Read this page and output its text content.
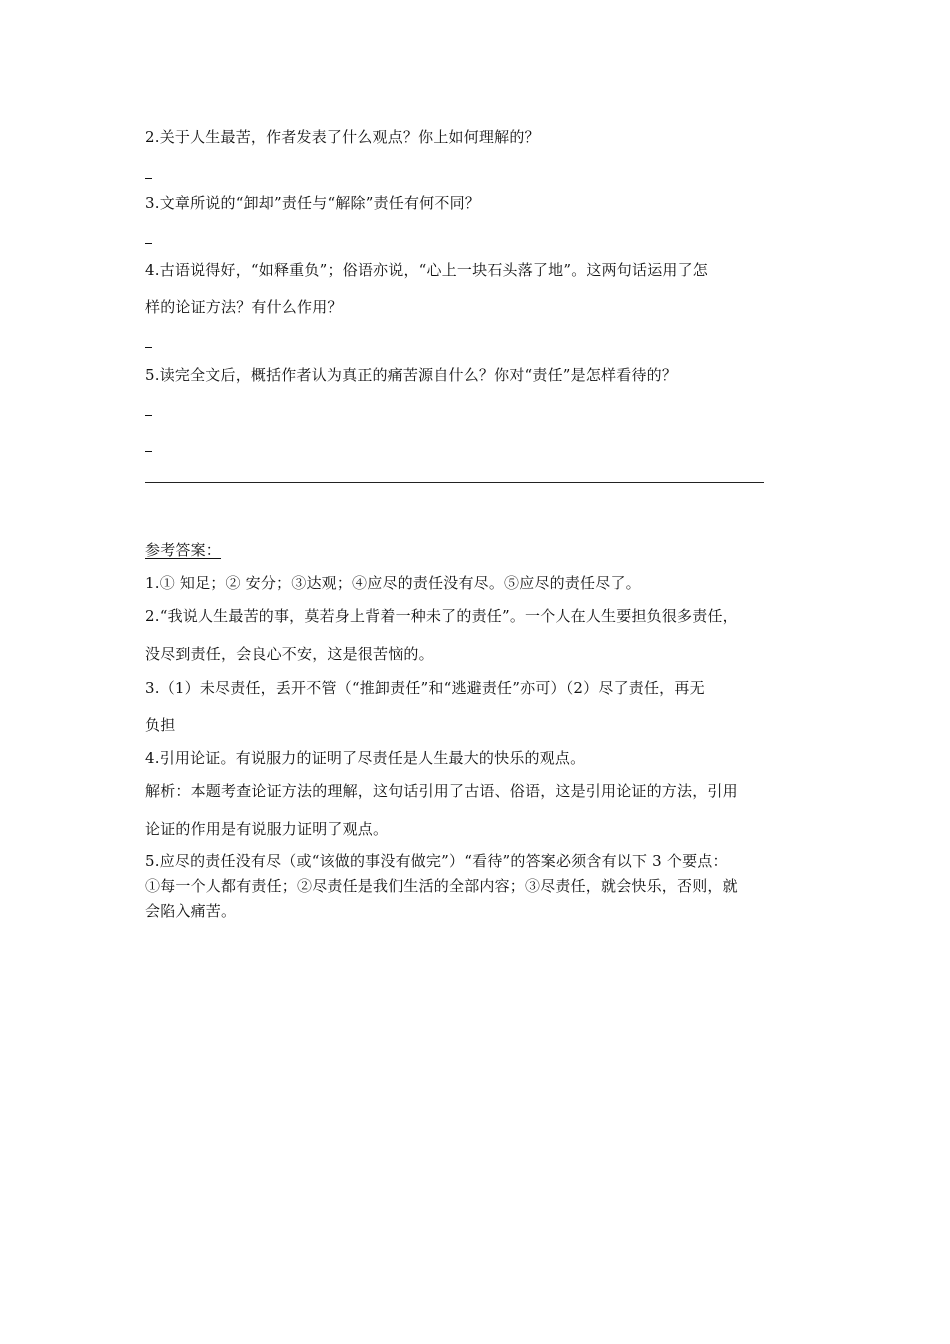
2.关于人生最苦，作者发表了什么观点？你上如何理解的？
3.文章所说的“卸却”责任与“解除”责任有何不同？
4.古语说得好，“如释重负”；俗语亦说，“心上一块石头落了地”。这两句话运用了怎
样的论证方法？有什么作用？
5.读完全文后，概括作者认为真正的痛苦源自什么？你对“责任”是怎样看待的？
参考答案：
1.① 知足；② 安分；③达观；④应尽的责任没有尽。⑤应尽的责任尽了。
2.“我说人生最苦的事，莫若身上背着一种未了的责任”。一个人在人生要担负很多责任，
没尽到责任，会良心不安，这是很苦恼的。
3.（1）未尽责任，丢开不管（“推卸责任”和“逃避责任”亦可）（2）尽了责任，再无
负担
4.引用论证。有说服力的证明了尽责任是人生最大的快乐的观点。
解析：本题考查论证方法的理解，这句话引用了古语、俗语，这是引用论证的方法，引用
论证的作用是有说服力证明了观点。
5.应尽的责任没有尽（或“该做的事没有做完”）“看待”的答案必须含有以下 3 个要点：
①每一个人都有责任；②尽责任是我们生活的全部内容；③尽责任，就会快乐，否则，就
会陷入痛苦。
